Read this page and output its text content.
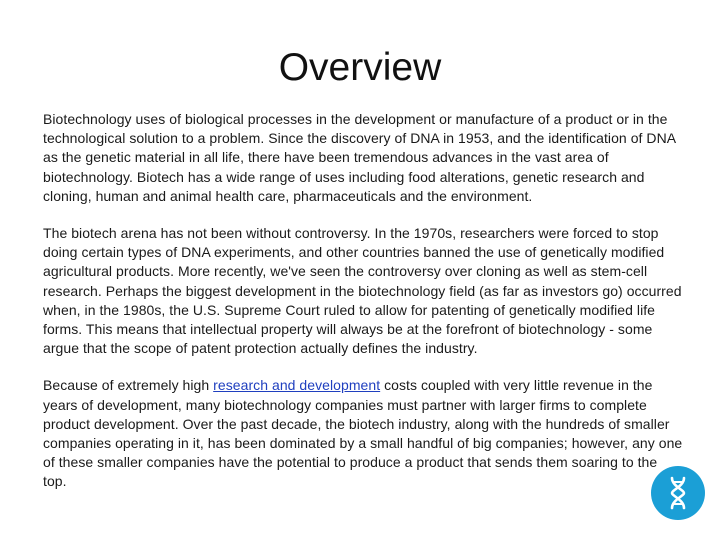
Overview

Biotechnology uses of biological processes in the development or manufacture of a product or in the technological solution to a problem. Since the discovery of DNA in 1953, and the identification of DNA as the genetic material in all life, there have been tremendous advances in the vast area of biotechnology. Biotech has a wide range of uses including food alterations, genetic research and cloning, human and animal health care, pharmaceuticals and the environment.

The biotech arena has not been without controversy. In the 1970s, researchers were forced to stop doing certain types of DNA experiments, and other countries banned the use of genetically modified agricultural products. More recently, we've seen the controversy over cloning as well as stem-cell research. Perhaps the biggest development in the biotechnology field (as far as investors go) occurred when, in the 1980s, the U.S. Supreme Court ruled to allow for patenting of genetically modified life forms. This means that intellectual property will always be at the forefront of biotechnology - some argue that the scope of patent protection actually defines the industry.

Because of extremely high research and development costs coupled with very little revenue in the years of development, many biotechnology companies must partner with larger firms to complete product development. Over the past decade, the biotech industry, along with the hundreds of smaller companies operating in it, has been dominated by a small handful of big companies; however, any one of these smaller companies have the potential to produce a product that sends them soaring to the top.
